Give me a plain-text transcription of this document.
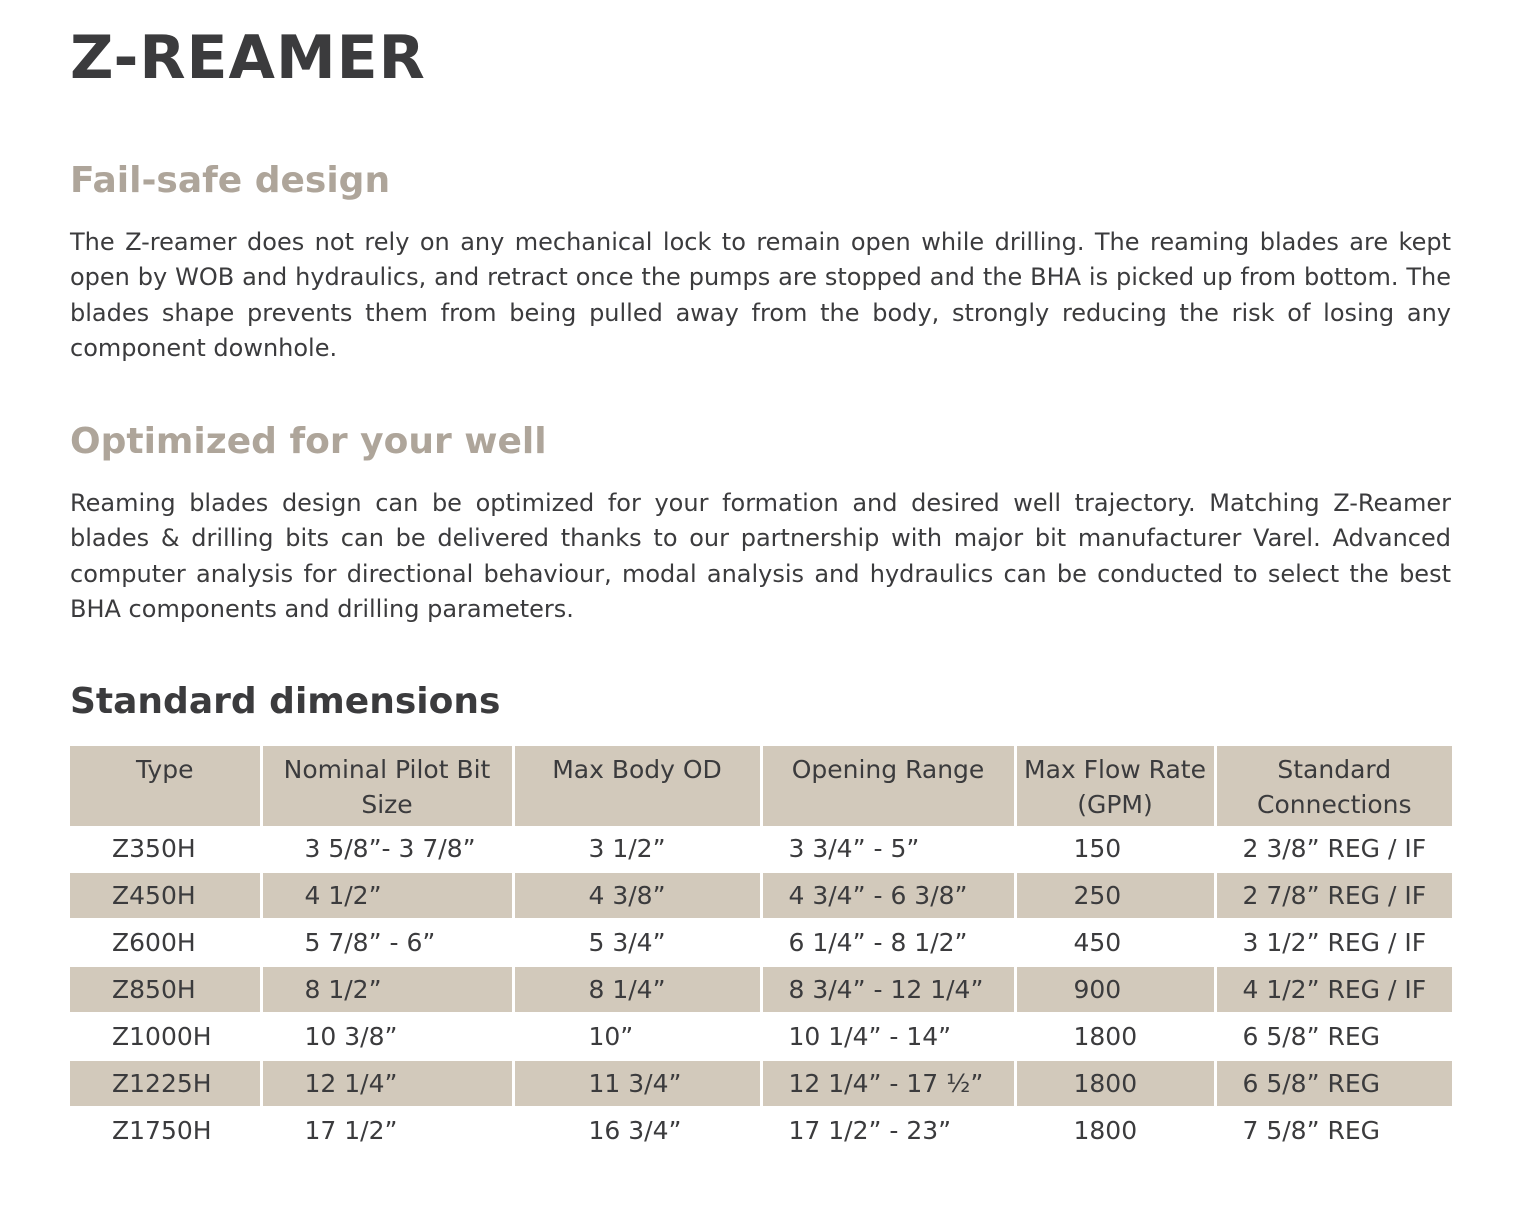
Z-REAMER
Fail-safe design

The Z-reamer does not rely on any mechanical lock to remain open while drilling. The reaming blades are kept open by WOB and hydraulics, and retract once the pumps are stopped and the BHA is picked up from bottom. The blades shape prevents them from being pulled away from the body, strongly reducing the risk of losing any component downhole.

Optimized for your well

Reaming blades design can be optimized for your formation and desired well trajectory. Matching Z-Reamer blades & drilling bits can be delivered thanks to our partnership with major bit manufacturer Varel. Advanced computer analysis for directional behaviour, modal analysis and hydraulics can be conducted to select the best BHA components and drilling parameters.

Standard dimensions
Type	Nominal Pilot Bit Size	Max Body OD	Opening Range	Max Flow Rate (GPM)	Standard Connections
Z350H	3 5/8”- 3 7/8”	3 1/2”	3 3/4” - 5”	150	2 3/8” REG / IF
Z450H	4 1/2”	4 3/8”	4 3/4” - 6 3/8”	250	2 7/8” REG / IF
Z600H	5 7/8” - 6”	5 3/4”	6 1/4” - 8 1/2”	450	3 1/2” REG / IF
Z850H	8 1/2”	8 1/4”	8 3/4” - 12 1/4”	900	4 1/2” REG / IF
Z1000H	10 3/8”	10”	10 1/4” - 14”	1800	6 5/8” REG
Z1225H	12 1/4”	11 3/4”	12 1/4” - 17 ½”	1800	6 5/8” REG
Z1750H	17 1/2”	16 3/4”	17 1/2” - 23”	1800	7 5/8” REG
